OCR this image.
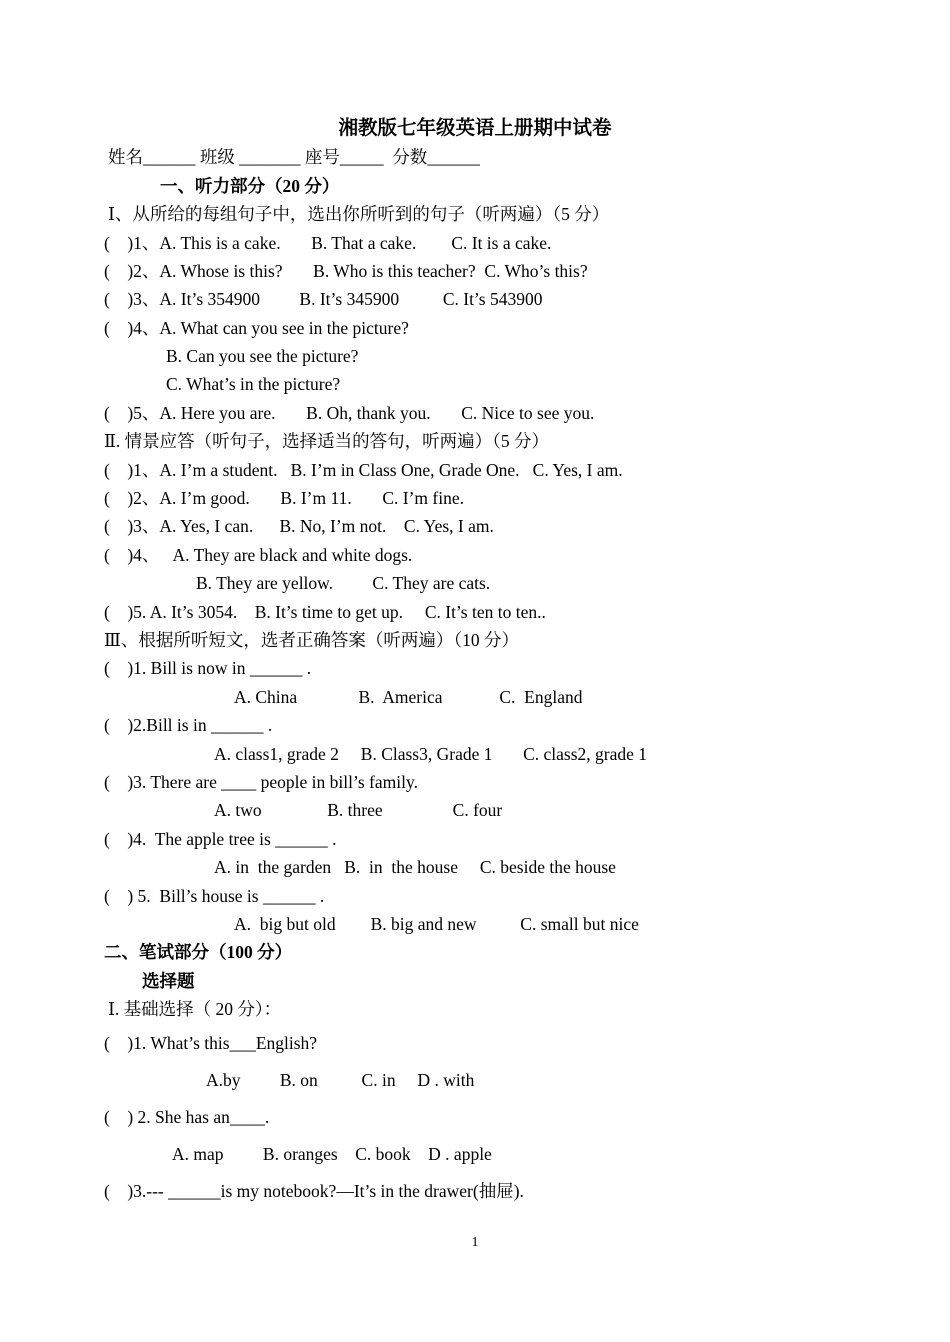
湘教版七年级英语上册期中试卷
姓名______ 班级 _______ 座号_____  分数______
一、听力部分（20 分）
Ⅰ、从所给的每组句子中，选出你所听到的句子（听两遍）（5 分）
(    )1、A. This is a cake.       B. That a cake.        C. It is a cake.
(    )2、A. Whose is this?       B. Who is this teacher?  C. Who’s this?
(    )3、A. It’s 354900         B. It’s 345900          C. It’s 543900
(    )4、A. What can you see in the picture?
B. Can you see the picture?
C. What’s in the picture?
(    )5、A. Here you are.       B. Oh, thank you.       C. Nice to see you.
Ⅱ. 情景应答（听句子，选择适当的答句，听两遍）（5 分）
(    )1、A. I’m a student.   B. I’m in Class One, Grade One.   C. Yes, I am.
(    )2、A. I’m good.       B. I’m 11.       C. I’m fine.
(    )3、A. Yes, I can.      B. No, I’m not.    C. Yes, I am.
(    )4、   A. They are black and white dogs.
B. They are yellow.         C. They are cats.
(    )5. A. It’s 3054.    B. It’s time to get up.     C. It’s ten to ten..
Ⅲ、根据所听短文，选者正确答案（听两遍）（10 分）
(    )1. Bill is now in ______ .
A. China              B.  America             C.  England
(    )2.Bill is in ______ .
A. class1, grade 2     B. Class3, Grade 1       C. class2, grade 1
(    )3. There are ____ people in bill’s family.
A. two               B. three                C. four
(    )4.  The apple tree is ______ .
A. in  the garden   B.  in  the house     C. beside the house
(    ) 5.  Bill’s house is ______ .
A.  big but old        B. big and new          C. small but nice
二、笔试部分（100 分）
选择题
Ⅰ. 基础选择（ 20 分）：
(    )1. What’s this___English?
A.by         B. on          C. in     D . with
(    ) 2. She has an____.
A. map         B. oranges    C. book    D . apple
(    )3.--- ______is my notebook?—It’s in the drawer(抽屉).
1
